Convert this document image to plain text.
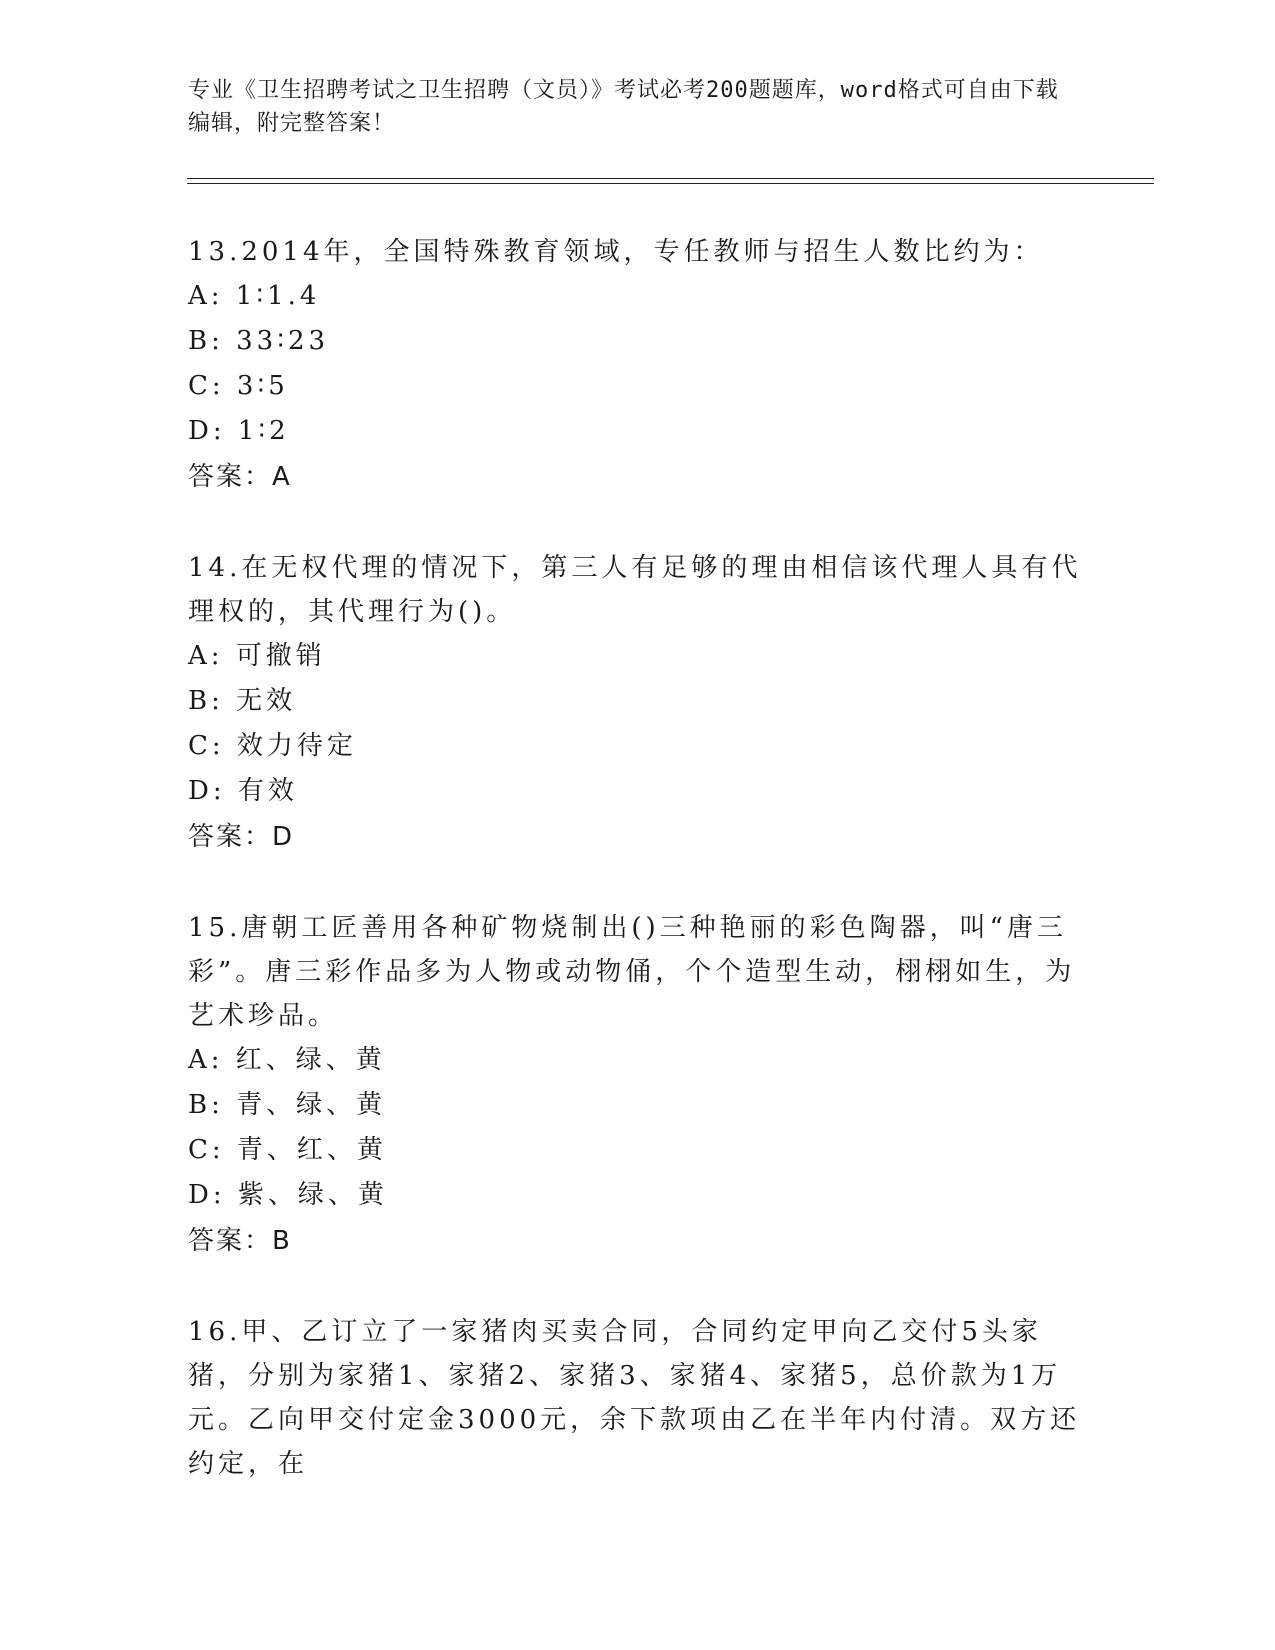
专业《卫生招聘考试之卫生招聘（文员）》考试必考200题题库，word格式可自由下载编辑，附完整答案！

13.2014年，全国特殊教育领域，专任教师与招生人数比约为：

A: 1∶1.4

B: 33∶23

C: 3∶5

D: 1∶2

答案：A

14.在无权代理的情况下，第三人有足够的理由相信该代理人具有代理权的，其代理行为()。

A: 可撤销

B: 无效

C: 效力待定

D: 有效

答案：D

15.唐朝工匠善用各种矿物烧制出()三种艳丽的彩色陶器，叫“唐三彩”。唐三彩作品多为人物或动物俑，个个造型生动，栩栩如生，为艺术珍品。

A: 红、绿、黄

B: 青、绿、黄

C: 青、红、黄

D: 紫、绿、黄

答案：B

16.甲、乙订立了一家猪肉买卖合同，合同约定甲向乙交付5头家猪，分别为家猪1、家猪2、家猪3、家猪4、家猪5，总价款为1万元。乙向甲交付定金3000元，余下款项由乙在半年内付清。双方还约定，在
